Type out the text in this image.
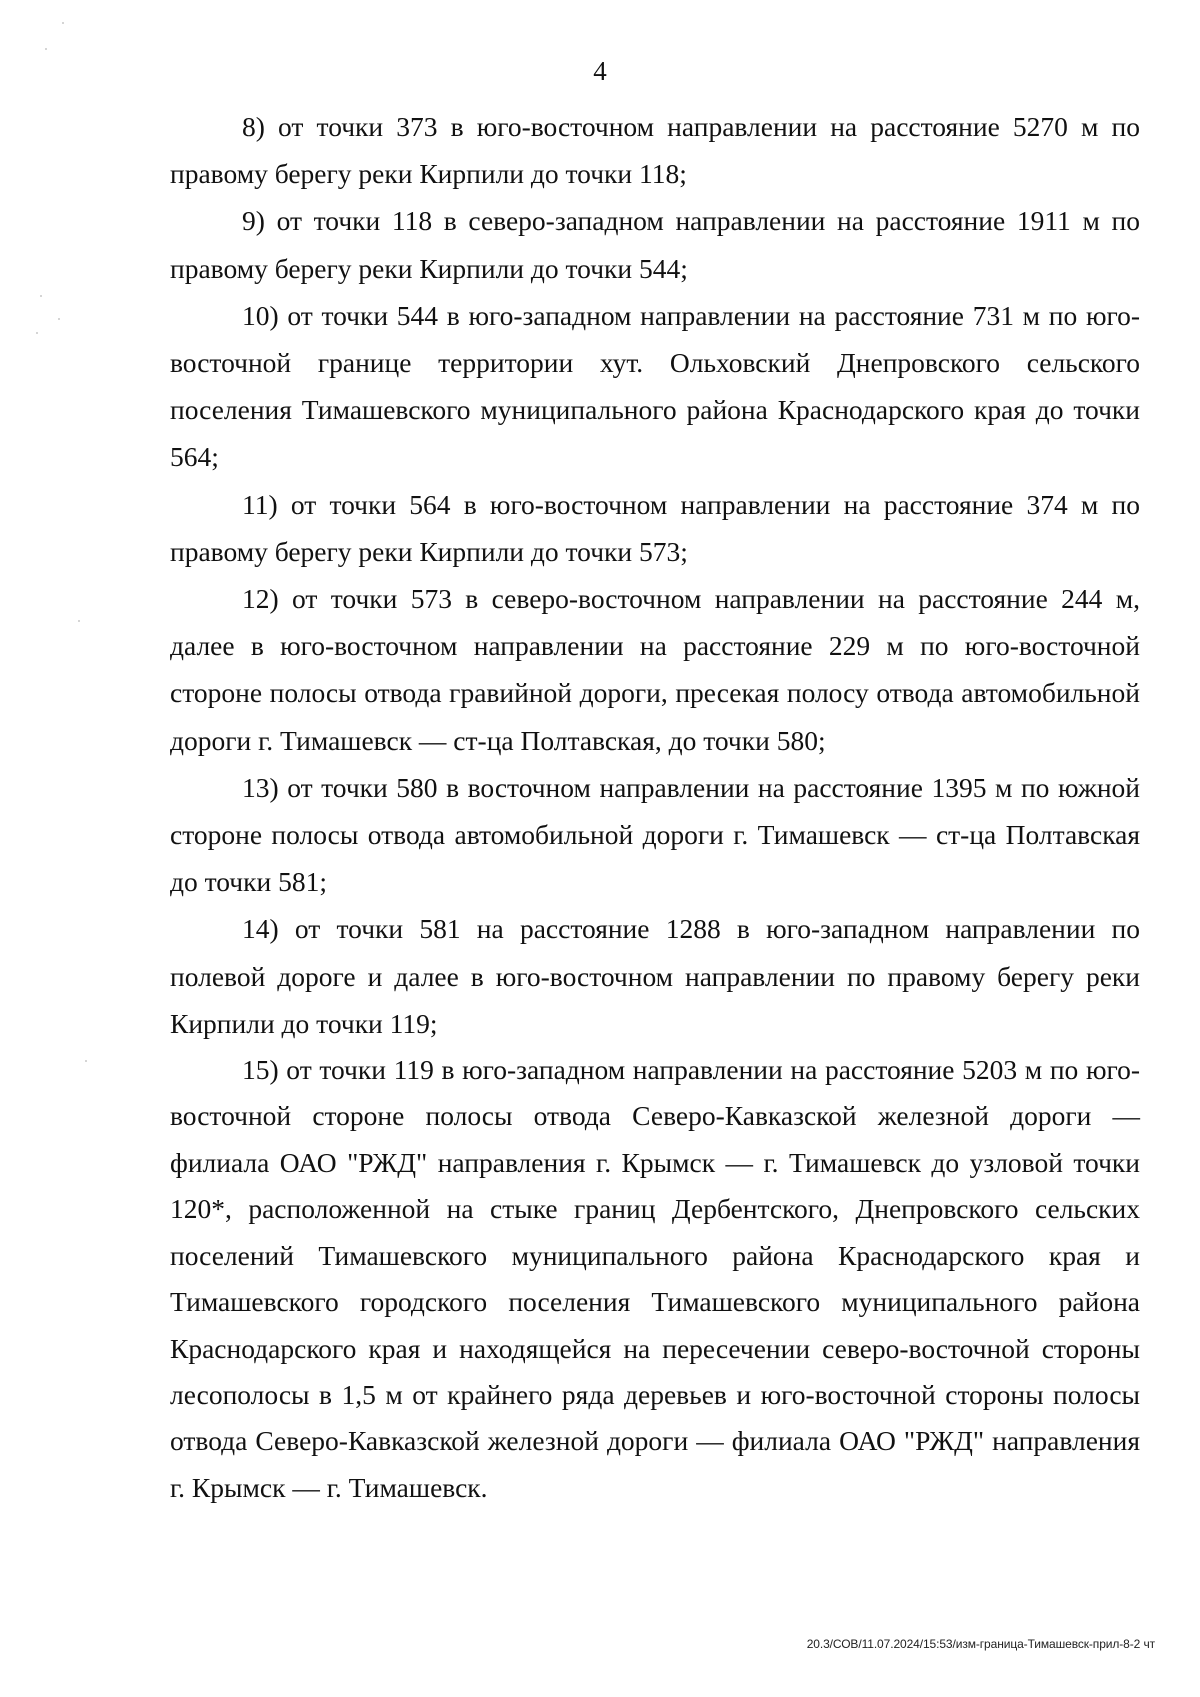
4

8) от точки 373 в юго-восточном направлении на расстояние 5270 м по правому берегу реки Кирпили до точки 118;

9) от точки 118 в северо-западном направлении на расстояние 1911 м по правому берегу реки Кирпили до точки 544;

10) от точки 544 в юго-западном направлении на расстояние 731 м по юго-восточной границе территории хут. Ольховский Днепровского сельского поселения Тимашевского муниципального района Краснодарского края до точки 564;

11) от точки 564 в юго-восточном направлении на расстояние 374 м по правому берегу реки Кирпили до точки 573;

12) от точки 573 в северо-восточном направлении на расстояние 244 м, далее в юго-восточном направлении на расстояние 229 м по юго-восточной стороне полосы отвода гравийной дороги, пресекая полосу отвода автомобильной дороги г. Тимашевск — ст-ца Полтавская, до точки 580;

13) от точки 580 в восточном направлении на расстояние 1395 м по южной стороне полосы отвода автомобильной дороги г. Тимашевск — ст-ца Полтавская до точки 581;

14) от точки 581 на расстояние 1288 в юго-западном направлении по полевой дороге и далее в юго-восточном направлении по правому берегу реки Кирпили до точки 119;

15) от точки 119 в юго-западном направлении на расстояние 5203 м по юго-восточной стороне полосы отвода Северо-Кавказской железной дороги — филиала ОАО "РЖД" направления г. Крымск — г. Тимашевск до узловой точки 120*, расположенной на стыке границ Дербентского, Днепровского сельских поселений Тимашевского муниципального района Краснодарского края и Тимашевского городского поселения Тимашевского муниципального района Краснодарского края и находящейся на пересечении северо-восточной стороны лесополосы в 1,5 м от крайнего ряда деревьев и юго-восточной стороны полосы отвода Северо-Кавказской железной дороги — филиала ОАО "РЖД" направления г. Крымск — г. Тимашевск.

20.3/СОВ/11.07.2024/15:53/изм-граница-Тимашевск-прил-8-2 чт
